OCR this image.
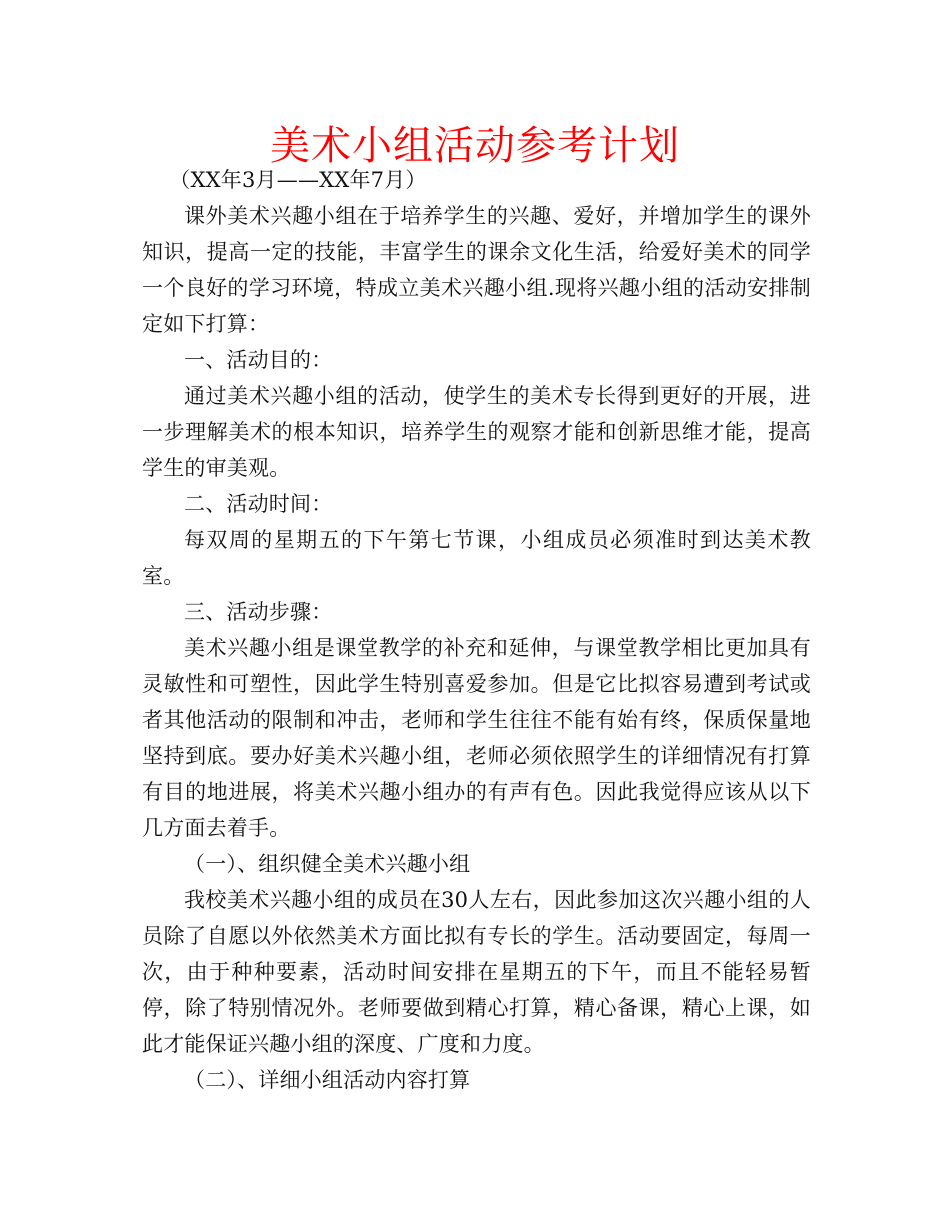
美术小组活动参考计划

（XX年3月——XX年7月）

课外美术兴趣小组在于培养学生的兴趣、爱好，并增加学生的课外知识，提高一定的技能，丰富学生的课余文化生活，给爱好美术的同学一个良好的学习环境，特成立美术兴趣小组.现将兴趣小组的活动安排制定如下打算：

一、活动目的：

通过美术兴趣小组的活动，使学生的美术专长得到更好的开展，进一步理解美术的根本知识，培养学生的观察才能和创新思维才能，提高学生的审美观。

二、活动时间：

每双周的星期五的下午第七节课，小组成员必须准时到达美术教室。

三、活动步骤：

美术兴趣小组是课堂教学的补充和延伸，与课堂教学相比更加具有灵敏性和可塑性，因此学生特别喜爱参加。但是它比拟容易遭到考试或者其他活动的限制和冲击，老师和学生往往不能有始有终，保质保量地坚持到底。要办好美术兴趣小组，老师必须依照学生的详细情况有打算有目的地进展，将美术兴趣小组办的有声有色。因此我觉得应该从以下几方面去着手。

（一）、组织健全美术兴趣小组

我校美术兴趣小组的成员在30人左右，因此参加这次兴趣小组的人员除了自愿以外依然美术方面比拟有专长的学生。活动要固定，每周一次，由于种种要素，活动时间安排在星期五的下午，而且不能轻易暂停，除了特别情况外。老师要做到精心打算，精心备课，精心上课，如此才能保证兴趣小组的深度、广度和力度。

（二）、详细小组活动内容打算
